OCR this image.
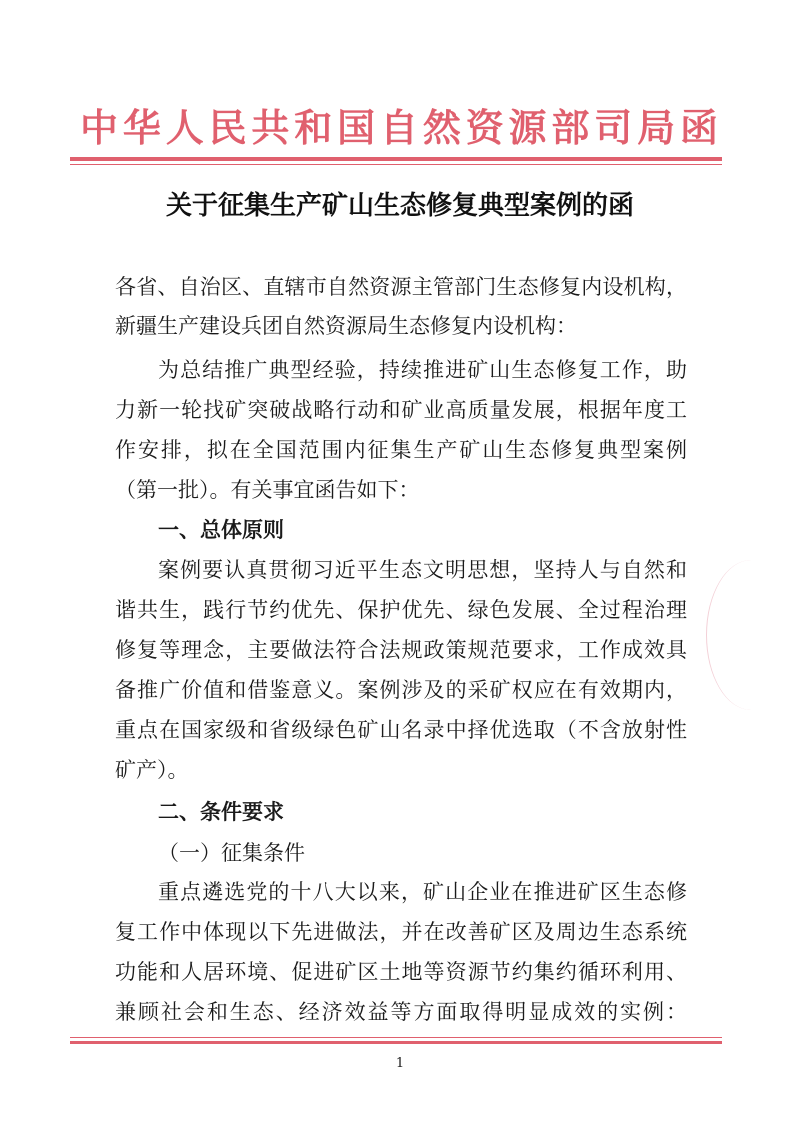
中华人民共和国自然资源部司局函
关于征集生产矿山生态修复典型案例的函
各省、自治区、直辖市自然资源主管部门生态修复内设机构，
新疆生产建设兵团自然资源局生态修复内设机构：
为总结推广典型经验，持续推进矿山生态修复工作，助
力新一轮找矿突破战略行动和矿业高质量发展，根据年度工
作安排，拟在全国范围内征集生产矿山生态修复典型案例
（第一批）。有关事宜函告如下：
一、总体原则
案例要认真贯彻习近平生态文明思想，坚持人与自然和
谐共生，践行节约优先、保护优先、绿色发展、全过程治理
修复等理念，主要做法符合法规政策规范要求，工作成效具
备推广价值和借鉴意义。案例涉及的采矿权应在有效期内，
重点在国家级和省级绿色矿山名录中择优选取（不含放射性
矿产）。
二、条件要求
（一）征集条件
重点遴选党的十八大以来，矿山企业在推进矿区生态修
复工作中体现以下先进做法，并在改善矿区及周边生态系统
功能和人居环境、促进矿区土地等资源节约集约循环利用、
兼顾社会和生态、经济效益等方面取得明显成效的实例：
1
